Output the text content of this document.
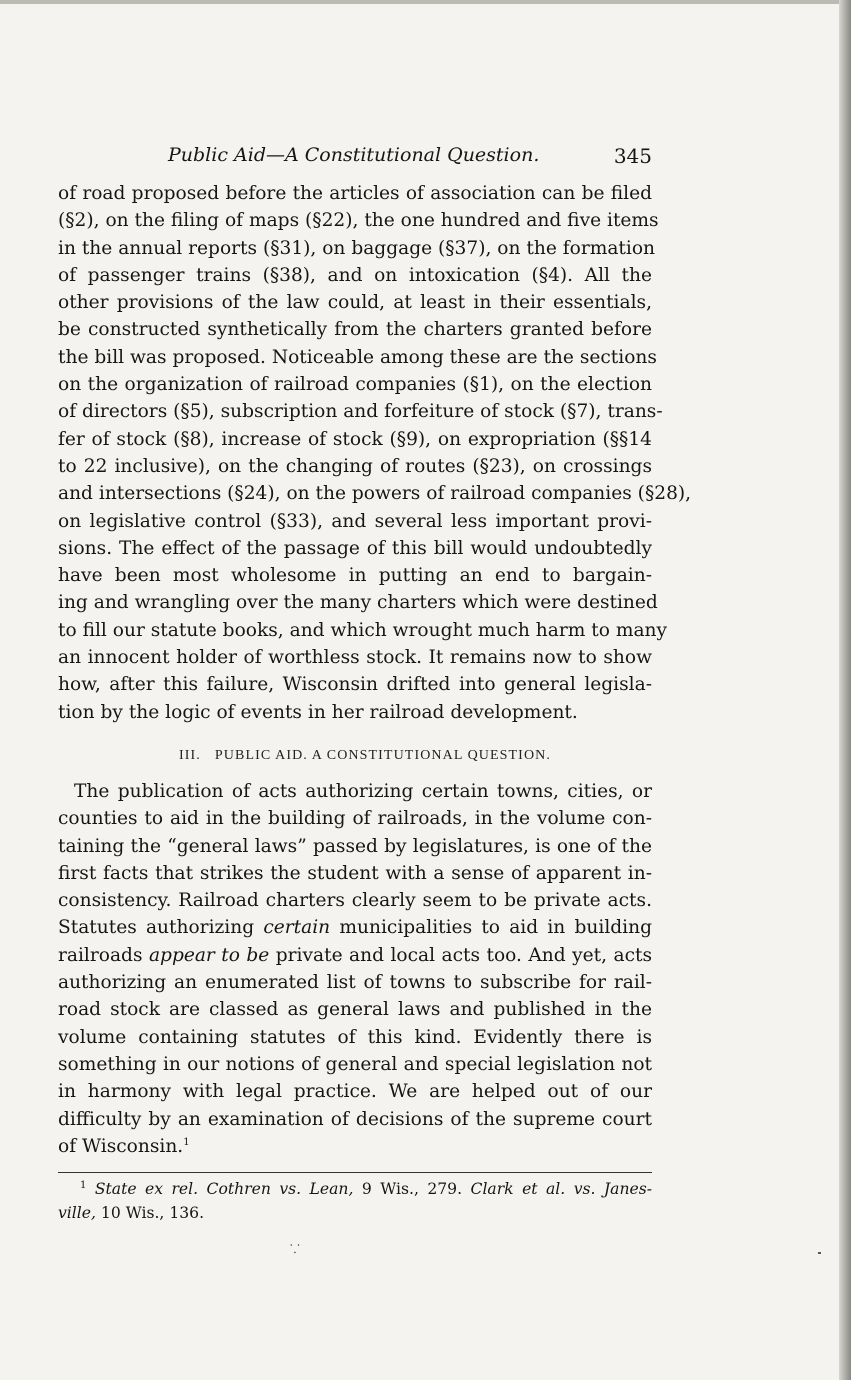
Public Aid—A Constitutional Question.	345
of road proposed before the articles of association can be filed
(§2), on the filing of maps (§22), the one hundred and five items
in the annual reports (§31), on baggage (§37), on the formation
of passenger trains (§38), and on intoxication (§4). All the
other provisions of the law could, at least in their essentials,
be constructed synthetically from the charters granted before
the bill was proposed. Noticeable among these are the sections
on the organization of railroad companies (§1), on the election
of directors (§5), subscription and forfeiture of stock (§7), trans-
fer of stock (§8), increase of stock (§9), on expropriation (§§14
to 22 inclusive), on the changing of routes (§23), on crossings
and intersections (§24), on the powers of railroad companies (§28),
on legislative control (§33), and several less important provi-
sions. The effect of the passage of this bill would undoubtedly
have been most wholesome in putting an end to bargain-
ing and wrangling over the many charters which were destined
to fill our statute books, and which wrought much harm to many
an innocent holder of worthless stock. It remains now to show
how, after this failure, Wisconsin drifted into general legisla-
tion by the logic of events in her railroad development.
III. PUBLIC AID. A CONSTITUTIONAL QUESTION.
The publication of acts authorizing certain towns, cities, or
counties to aid in the building of railroads, in the volume con-
taining the “general laws” passed by legislatures, is one of the
first facts that strikes the student with a sense of apparent in-
consistency. Railroad charters clearly seem to be private acts.
Statutes authorizing certain municipalities to aid in building
railroads appear to be private and local acts too. And yet, acts
authorizing an enumerated list of towns to subscribe for rail-
road stock are classed as general laws and published in the
volume containing statutes of this kind. Evidently there is
something in our notions of general and special legislation not
in harmony with legal practice. We are helped out of our
difficulty by an examination of decisions of the supreme court
of Wisconsin.$^1$
$^1$ State ex rel. Cothren vs. Lean, 9 Wis., 279. Clark et al. vs. Janes-
ville, 10 Wis., 136.
⸪
